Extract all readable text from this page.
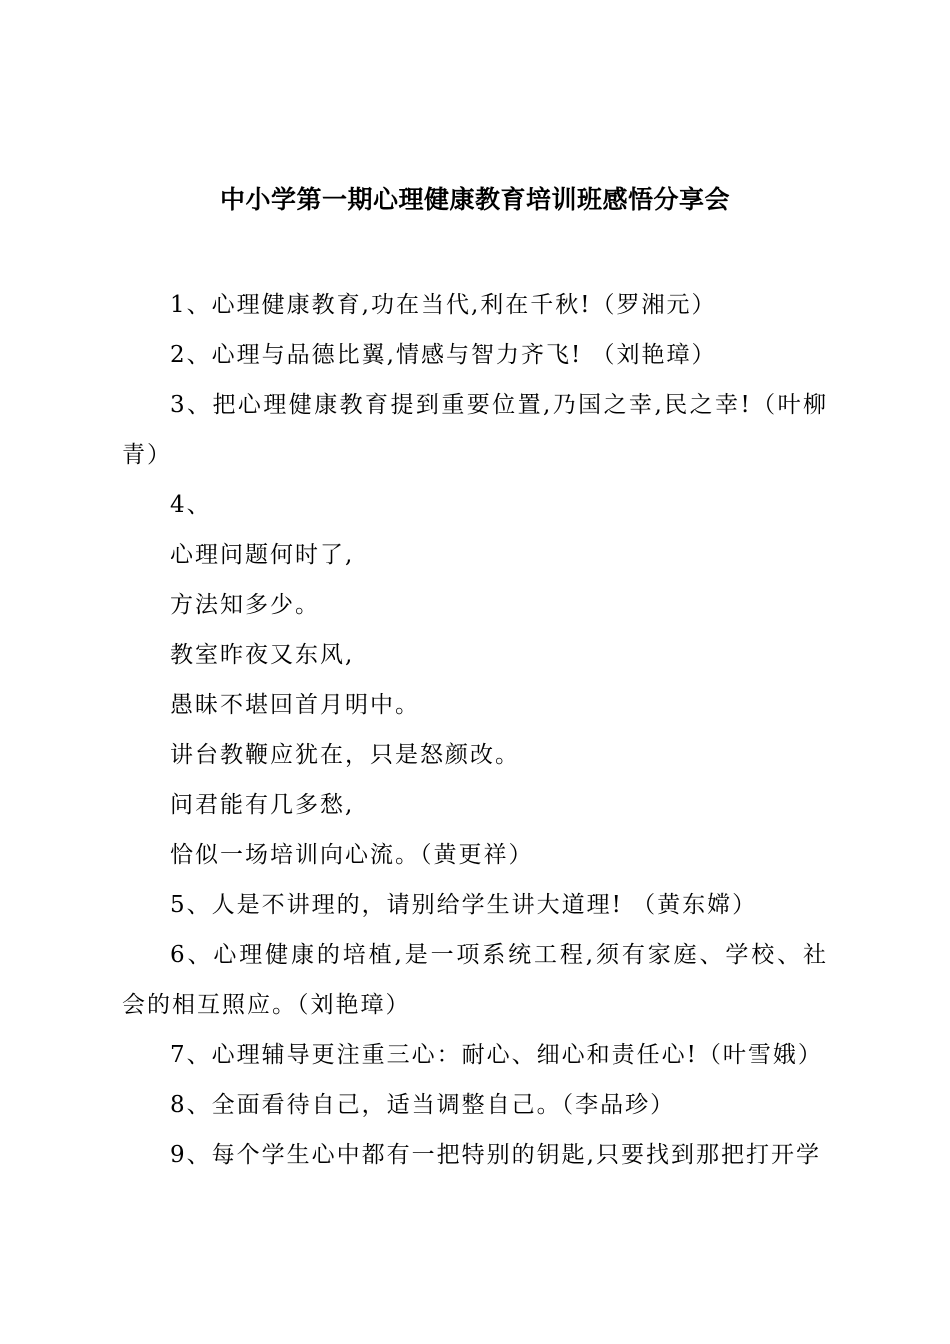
中小学第一期心理健康教育培训班感悟分享会

1、心理健康教育,功在当代,利在千秋!（罗湘元）

2、心理与品德比翼,情感与智力齐飞! （刘艳璋）

3、把心理健康教育提到重要位置,乃国之幸,民之幸!（叶柳青）

4、

心理问题何时了,

方法知多少。

教室昨夜又东风,

愚昧不堪回首月明中。

讲台教鞭应犹在，只是怒颜改。

问君能有几多愁,

恰似一场培训向心流。（黄更祥）

5、人是不讲理的，请别给学生讲大道理! （黄东嫦）

6、心理健康的培植,是一项系统工程,须有家庭、学校、社会的相互照应。（刘艳璋）

7、心理辅导更注重三心：耐心、细心和责任心!（叶雪娥）

8、全面看待自己，适当调整自己。（李品珍）

9、每个学生心中都有一把特别的钥匙,只要找到那把打开学
